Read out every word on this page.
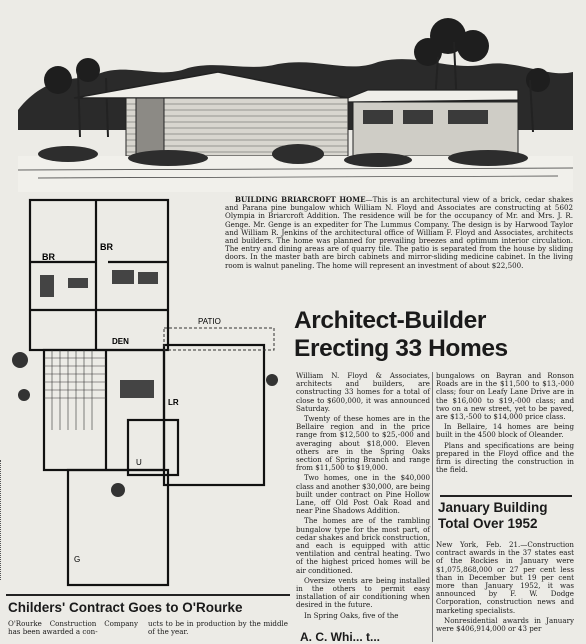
BR
BR
DEN
PATIO
LR
U
G
BUILDING BRIARCROFT HOME—This is an architectural view of a brick, cedar shakes and Parana pine bungalow which William N. Floyd and Associates are constructing at 5602 Olympia in Briarcroft Addition. The residence will be for the occupancy of Mr. and Mrs. J. R. Genge. Mr. Genge is an expediter for The Lummus Company. The design is by Harwood Taylor and William R. Jenkins of the architectural office of William F. Floyd and Associates, architects and builders. The home was planned for prevailing breezes and optimum interior circulation. The entry and dining areas are of quarry tile. The patio is separated from the house by sliding doors. In the master bath are birch cabinets and mirror-sliding medicine cabinet. In the living room is walnut paneling. The home will represent an investment of about $22,500.
Architect-Builder
Erecting 33 Homes

William N. Floyd & Associates, architects and builders, are constructing 33 homes for a total of close to $600,000, it was announced Saturday.

Twenty of these homes are in the Bellaire region and in the price range from $12,500 to $25,-000 and averaging about $18,000. Eleven others are in the Spring Oaks section of Spring Branch and range from $11,500 to $19,000.

Two homes, one in the $40,000 class and another $30,000, are being built under contract on Pine Hollow Lane, off Old Post Oak Road and near Pine Shadows Addition.

The homes are of the rambling bungalow type for the most part, of cedar shakes and brick construction, and each is equipped with attic ventilation and central heating. Two of the highest priced homes will be air conditioned.

Oversize vents are being installed in the others to permit easy installation of air conditioning when desired in the future.

In Spring Oaks, five of the

bungalows on Bayran and Ronson Roads are in the $11,500 to $13,-000 class; four on Leafy Lane Drive are in the $16,000 to $19,-000 class; and two on a new street, yet to be paved, are $13,-500 to $14,000 price class.

In Bellaire, 14 homes are being built in the 4500 block of Oleander.

Plans and specifications are being prepared in the Floyd office and the firm is directing the construction in the field.

January Building
Total Over 1952

New York, Feb. 21.—Construction contract awards in the 37 states east of the Rockies in January were $1,075,868,000 or 27 per cent less than in December but 19 per cent more than January 1952, it was announced by F. W. Dodge Corporation, construction news and marketing specialists.

Nonresidential awards in January were $406,914,000 or 43 per

Childers' Contract Goes to O'Rourke
O'Rourke Construction Company has been awarded a con-
ucts to be in production by the middle of the year.	A. C. Whi... t...
